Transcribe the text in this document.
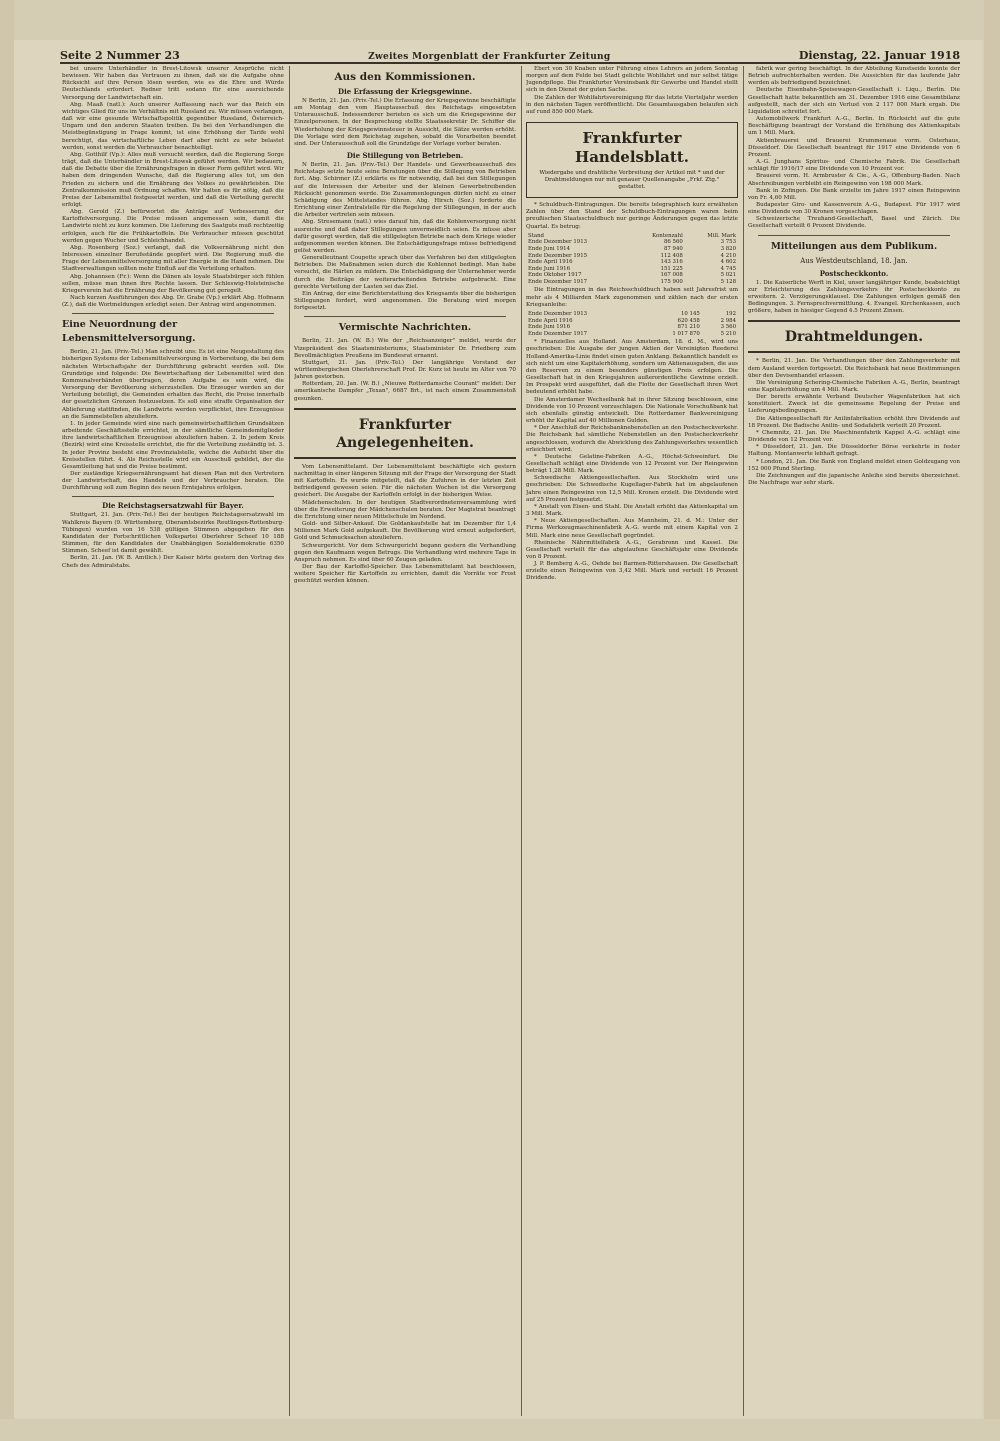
Seite 2 Nummer 23	Zweites Morgenblatt der Frankfurter Zeitung	Dienstag, 22. Januar 1918

bei unsere Unterhändler in Brest-Litowsk unserer Ansprüche nicht bewiesen. Wir haben das Vertrauen zu ihnen, daß sie die Aufgabe ohne Rücksicht auf ihre Person lösen werden, wie es die Ehre und Würde Deutschlands erfordert. Redner tritt sodann für eine ausreichende Versorgung der Landwirtschaft ein.

Abg. Maaß (natl.): Auch unserer Auffassung nach war das Reich ein wichtiges Glied für uns im Verhältnis mit Russland zu. Wir müssen verlangen, daß wir eine gesunde Wirtschaftspolitik gegenüber Russland, Österreich-Ungarn und den anderen Staaten treiben. Da bei den Verhandlungen die Meistbegünstigung in Frage kommt, ist eine Erhöhung der Tarife wohl berechtigt, das wirtschaftliche Leben darf aber nicht zu sehr belastet werden, sonst werden die Verbraucher benachteiligt.

Abg. Gotthilf (Vp.): Alles muß versucht werden, daß die Regierung Sorge trägt, daß die Unterhändler in Brest-Litowsk geführt werden. Wir bedauern, daß die Debatte über die Ernährungsfragen in dieser Form geführt wird. Wir haben dem dringenden Wunsche, daß die Regierung alles tut, um den Frieden zu sichern und die Ernährung des Volkes zu gewährleisten. Die Zentralkommission muß Ordnung schaffen. Wir halten es für nötig, daß die Preise der Lebensmittel festgesetzt werden, und daß die Verteilung gerecht erfolgt.

Abg. Gerold (Z.) befürwortet die Anträge auf Verbesserung der Kartoffelversorgung. Die Preise müssen angemessen sein, damit die Landwirte nicht zu kurz kommen. Die Lieferung des Saatguts muß rechtzeitig erfolgen, auch für die Frühkartoffeln. Die Verbraucher müssen geschützt werden gegen Wucher und Schleichhandel.

Abg. Rosenberg (Soz.) verlangt, daß die Volksernährung nicht den Interessen einzelner Berufsstände geopfert wird. Die Regierung muß die Frage der Lebensmittelversorgung mit aller Energie in die Hand nehmen. Die Stadtverwaltungen sollten mehr Einfluß auf die Verteilung erhalten.

Abg. Johannsen (Fr.): Wenn die Dänen als loyale Staatsbürger sich fühlen sollen, müsse man ihnen ihre Rechte lassen. Der Schleswig-Holsteinische Kriegerverein hat die Ernährung der Bevölkerung gut geregelt.

Nach kurzen Ausführungen des Abg. Dr. Grabe (Vp.) erklärt Abg. Hofmann (Z.), daß die Wortmeldungen erledigt seien. Der Antrag wird angenommen.

Eine Neuordnung der Lebensmittelversorgung.

Berlin, 21. Jan. (Priv.-Tel.) Man schreibt uns: Es ist eine Neugestaltung des bisherigen Systems der Lebensmittelversorgung in Vorbereitung, die bei dem nächsten Wirtschaftsjahr der Durchführung gebracht werden soll. Die Grundzüge sind folgende: Die Bewirtschaftung der Lebensmittel wird den Kommunalverbänden übertragen, deren Aufgabe es sein wird, die Versorgung der Bevölkerung sicherzustellen. Die Erzeuger werden an der Verteilung beteiligt, die Gemeinden erhalten das Recht, die Preise innerhalb der gesetzlichen Grenzen festzusetzen. Es soll eine straffe Organisation der Ablieferung stattfinden, die Landwirte werden verpflichtet, ihre Erzeugnisse an die Sammelstellen abzuliefern.

1. In jeder Gemeinde wird eine nach gemeinwirtschaftlichen Grundsätzen arbeitende Geschäftsstelle errichtet, in der sämtliche Gemeindemitglieder ihre landwirtschaftlichen Erzeugnisse abzuliefern haben. 2. In jedem Kreis (Bezirk) wird eine Kreisstelle errichtet, die für die Verteilung zuständig ist. 3. In jeder Provinz besteht eine Provinzialstelle, welche die Aufsicht über die Kreisstellen führt. 4. Als Reichsstelle wird ein Ausschuß gebildet, der die Gesamtleitung hat und die Preise bestimmt.

Der zuständige Kriegsernährungsamt hat diesen Plan mit den Vertretern der Landwirtschaft, des Handels und der Verbraucher beraten. Die Durchführung soll zum Beginn des neuen Erntejahres erfolgen.

Die Reichstagsersatzwahl für Bayer.

Stuttgart, 21. Jan. (Priv.-Tel.) Bei der heutigen Reichstagsersatzwahl im Wahlkreis Bayern (9. Württemberg, Oberamtsbezirke Reutlingen-Rottenburg-Tübingen) wurden von 16 538 gültigen Stimmen abgegeben für den Kandidaten der Fortschrittlichen Volkspartei Oberlehrer Scheef 10 188 Stimmen, für den Kandidaten der Unabhängigen Sozialdemokratie 6350 Stimmen. Scheef ist damit gewählt.

Berlin, 21. Jan. (W. B. Amtlich.) Der Kaiser hörte gestern den Vortrag des Chefs des Admiralstabs.

Aus den Kommissionen.
Die Erfassung der Kriegsgewinne.

N Berlin, 21. Jan. (Priv.-Tel.) Die Erfassung der Kriegsgewinne beschäftigte am Montag den vom Hauptausschuß des Reichstags eingesetzten Unterausschuß. Indessenderer berieten es sich um die Kriegsgewinne der Einzelpersonen. In der Besprechung stellte Staatssekretär Dr. Schiffer die Wiederholung der Kriegsgewinnsteuer in Aussicht, die Sätze werden erhöht. Die Vorlage wird dem Reichstag zugehen, sobald die Vorarbeiten beendet sind. Der Unterausschuß soll die Grundzüge der Vorlage vorher beraten.

Die Stillegung von Betrieben.

N Berlin, 21. Jan. (Priv.-Tel.) Der Handels- und Gewerbeausschuß des Reichstags setzte heute seine Beratungen über die Stillegung von Betrieben fort. Abg. Schirmer (Z.) erklärte es für notwendig, daß bei den Stillegungen auf die Interessen der Arbeiter und der kleinen Gewerbetreibenden Rücksicht genommen werde. Die Zusammenlegungen dürfen nicht zu einer Schädigung des Mittelstandes führen. Abg. Hirsch (Soz.) forderte die Errichtung einer Zentralstelle für die Regelung der Stillegungen, in der auch die Arbeiter vertreten sein müssen.

Abg. Stresemann (natl.) wies darauf hin, daß die Kohlenversorgung nicht ausreiche und daß daher Stillegungen unvermeidlich seien. Es müsse aber dafür gesorgt werden, daß die stillgelegten Betriebe nach dem Kriege wieder aufgenommen werden können. Die Entschädigungsfrage müsse befriedigend gelöst werden.

Generalleutnant Coupette sprach über das Verfahren bei den stillgelegten Betrieben. Die Maßnahmen seien durch die Kohlennot bedingt. Man habe versucht, die Härten zu mildern. Die Entschädigung der Unternehmer werde durch die Beiträge der weiterarbeitenden Betriebe aufgebracht. Eine gerechte Verteilung der Lasten sei das Ziel.

Ein Antrag, der eine Berichterstattung des Kriegsamts über die bisherigen Stillegungen fordert, wird angenommen. Die Beratung wird morgen fortgesetzt.

Vermischte Nachrichten.

Berlin, 21. Jan. (W. B.) Wie der „Reichsanzeiger" meldet, wurde der Vizepräsident des Staatsministeriums, Staatsminister Dr. Friedberg zum Bevollmächtigten Preußens im Bundesrat ernannt.

Stuttgart, 21. Jan. (Priv.-Tel.) Der langjährige Vorstand der württembergischen Oberlehrerschaft Prof. Dr. Kurz ist heute im Alter von 70 Jahren gestorben.

Rotterdam, 20. Jan. (W. B.) „Nieuwe Rotterdamsche Courant" meldet: Der amerikanische Dampfer „Texan", 6687 Brt., ist nach einem Zusammenstoß gesunken.

Frankfurter Angelegenheiten.

Vom Lebensmittelamt. Der Lebensmittelamt beschäftigte sich gestern nachmittag in einer längeren Sitzung mit der Frage der Versorgung der Stadt mit Kartoffeln. Es wurde mitgeteilt, daß die Zufuhren in der letzten Zeit befriedigend gewesen seien. Für die nächsten Wochen ist die Versorgung gesichert. Die Ausgabe der Kartoffeln erfolgt in der bisherigen Weise.

Mädchenschulen. In der heutigen Stadtverordnetenversammlung wird über die Erweiterung der Mädchenschulen beraten. Der Magistrat beantragt die Errichtung einer neuen Mittelschule im Nordend.

Gold- und Silber-Ankauf. Die Goldankaufstelle hat im Dezember für 1,4 Millionen Mark Gold aufgekauft. Die Bevölkerung wird erneut aufgefordert, Gold und Schmucksachen abzuliefern.

Schwurgericht. Vor dem Schwurgericht begann gestern die Verhandlung gegen den Kaufmann wegen Betrugs. Die Verhandlung wird mehrere Tage in Anspruch nehmen. Es sind über 60 Zeugen geladen.

Der Bau der Kartoffel-Speicher. Das Lebensmittelamt hat beschlossen, weitere Speicher für Kartoffeln zu errichten, damit die Vorräte vor Frost geschützt werden können.

Ebert von 30 Knaben unter Führung eines Lehrers an jedem Sonntag morgen auf dem Felde bei Stadt gelichte Wohlfahrt und nur selbst tätige Jugendpflege. Die Frankfurter Vereinsbank für Gewerbe und Handel stellt sich in den Dienst der guten Sache.

Die Zahlen der Wohlfahrtsvereinigung für das letzte Vierteljahr werden in den nächsten Tagen veröffentlicht. Die Gesamtausgaben belaufen sich auf rund 850 000 Mark.

Frankfurter Handelsblatt.
Wiedergabe und drahtliche Verbreitung der Artikel mit * und der Drahtmeldungen nur mit genauer Quellenangabe „Frkf. Ztg." gestattet.

* Schuldbuch-Eintragungen. Die bereits telegraphisch kurz erwähnten Zahlen über den Stand der Schuldbuch-Eintragungen waren beim preußischen Staatsschuldbuch nur geringe Änderungen gegen das letzte Quartal. Es betrug:

Stand	Kontenzahl	Mill. Mark
Ende Dezember 1913	86 560	3 753
Ende Juni 1914	87 940	3 820
Ende Dezember 1915	112 408	4 210
Ende April 1916	143 316	4 602
Ende Juni 1916	151 225	4 745
Ende Oktober 1917	167 008	5 021
Ende Dezember 1917	175 900	5 128

Die Eintragungen in das Reichsschuldbuch haben seit Jahresfrist um mehr als 4 Milliarden Mark zugenommen und zählen nach der ersten Kriegsanleihe:

Ende Dezember 1913	10 145	192
Ende April 1916	620 458	2 984
Ende Juni 1916	871 210	3 560
Ende Dezember 1917	1 017 870	5 210

* Finanzielles aus Holland. Aus Amsterdam, 18. d. M., wird uns geschrieben: Die Ausgabe der jungen Aktien der Vereinigten Reederei Holland-Amerika-Linie findet einen guten Anklang. Bekanntlich handelt es sich nicht um eine Kapitalerhöhung, sondern um Aktienausgaben, die aus den Reserven zu einem besonders günstigen Preis erfolgen. Die Gesellschaft hat in den Kriegsjahren außerordentliche Gewinne erzielt. Im Prospekt wird ausgeführt, daß die Flotte der Gesellschaft ihren Wert bedeutend erhöht habe.

Die Amsterdamer Wechselbank hat in ihrer Sitzung beschlossen, eine Dividende von 10 Prozent vorzuschlagen. Die Nationale Vorschußbank hat sich ebenfalls günstig entwickelt. Die Rotterdamer Bankvereinigung erhöht ihr Kapital auf 40 Millionen Gulden.

* Der Anschluß der Reichsbanknebenstellen an den Postscheckverkehr. Die Reichsbank hat sämtliche Nebenstellen an den Postscheckverkehr angeschlossen, wodurch die Abwicklung des Zahlungsverkehrs wesentlich erleichtert wird.

* Deutsche Gelatine-Fabriken A.-G., Höchst-Schweinfurt. Die Gesellschaft schlägt eine Dividende von 12 Prozent vor. Der Reingewinn beträgt 1,28 Mill. Mark.

Schwedische Aktiengesellschaften. Aus Stockholm wird uns geschrieben: Die Schwedische Kugellager-Fabrik hat im abgelaufenen Jahre einen Reingewinn von 12,5 Mill. Kronen erzielt. Die Dividende wird auf 25 Prozent festgesetzt.

* Anstalt von Eisen- und Stahl. Die Anstalt erhöht das Aktienkapital um 3 Mill. Mark.

* Neue Aktiengesellschaften. Aus Mannheim, 21. d. M.: Unter der Firma Werkzeugmaschinenfabrik A.-G. wurde mit einem Kapital von 2 Mill. Mark eine neue Gesellschaft gegründet.

Rheinische Nährmittelfabrik A.-G., Gerabronn und Kassel. Die Gesellschaft verteilt für das abgelaufene Geschäftsjahr eine Dividende von 8 Prozent.

J. P. Bemberg A.-G., Oehde bei Barmen-Rittershausen. Die Gesellschaft erzielte einen Reingewinn von 3,42 Mill. Mark und verteilt 16 Prozent Dividende.

fabrik war gering beschäftigt. In der Abteilung Kunstseide konnte der Betrieb aufrechterhalten werden. Die Aussichten für das laufende Jahr werden als befriedigend bezeichnet.

Deutsche Eisenbahn-Speisewagen-Gesellschaft i. Liqu., Berlin. Die Gesellschaft hatte bekanntlich am 31. Dezember 1916 eine Gesamtbilanz aufgestellt, nach der sich ein Verlust von 2 117 000 Mark ergab. Die Liquidation schreitet fort.

Automobilwerk Frankfurt A.-G., Berlin. In Rücksicht auf die gute Beschäftigung beantragt der Vorstand die Erhöhung des Aktienkapitals um 1 Mill. Mark.

Aktienbrauerei und Brauerei Krummenaue vorm. Osterhaus, Düsseldorf. Die Gesellschaft beantragt für 1917 eine Dividende von 6 Prozent.

A.-G. Junghans Spiritus- und Chemische Fabrik. Die Gesellschaft schlägt für 1916/17 eine Dividende von 10 Prozent vor.

Brauerei vorm. H. Armbruster & Cie., A.-G., Offenburg-Baden. Nach Abschreibungen verbleibt ein Reingewinn von 198 000 Mark.

Bank in Zofingen. Die Bank erzielte im Jahre 1917 einen Reingewinn von Fr. 4,60 Mill.

Budapester Giro- und Kassenverein A.-G., Budapest. Für 1917 wird eine Dividende von 30 Kronen vorgeschlagen.

Schweizerische Treuhand-Gesellschaft, Basel und Zürich. Die Gesellschaft verteilt 6 Prozent Dividende.

Mitteilungen aus dem Publikum.
Aus Westdeutschland, 18. Jan.
Postscheckkonto.

1. Die Kaiserliche Werft in Kiel, unser langjähriger Kunde, beabsichtigt zur Erleichterung des Zahlungsverkehrs ihr Postscheckkonto zu erweitern. 2. Verzögerungsklausel. Die Zahlungen erfolgen gemäß den Bedingungen. 3. Fernsprechvermittlung. 4. Evangel. Kirchenkassen, auch größere, haben in hiesiger Gegend 4.5 Prozent Zinsen.

Drahtmeldungen.

* Berlin, 21. Jan. Die Verhandlungen über den Zahlungsverkehr mit dem Ausland werden fortgesetzt. Die Reichsbank hat neue Bestimmungen über den Devisenhandel erlassen.

Die Vereinigung Schering-Chemische Fabriken A.-G., Berlin, beantragt eine Kapitalerhöhung um 4 Mill. Mark.

Der bereits erwähnte Verband Deutscher Wagenfabriken hat sich konstituiert. Zweck ist die gemeinsame Regelung der Preise und Lieferungsbedingungen.

Die Aktiengesellschaft für Anilinfabrikation erhöht ihre Dividende auf 18 Prozent. Die Badische Anilin- und Sodafabrik verteilt 20 Prozent.

* Chemnitz, 21. Jan. Die Maschinenfabrik Kappel A.-G. schlägt eine Dividende von 12 Prozent vor.

* Düsseldorf, 21. Jan. Die Düsseldorfer Börse verkehrte in fester Haltung. Montanwerte lebhaft gefragt.

* London, 21. Jan. Die Bank von England meldet einen Goldzugang von 152 000 Pfund Sterling.

Die Zeichnungen auf die japanische Anleihe sind bereits überzeichnet. Die Nachfrage war sehr stark.
